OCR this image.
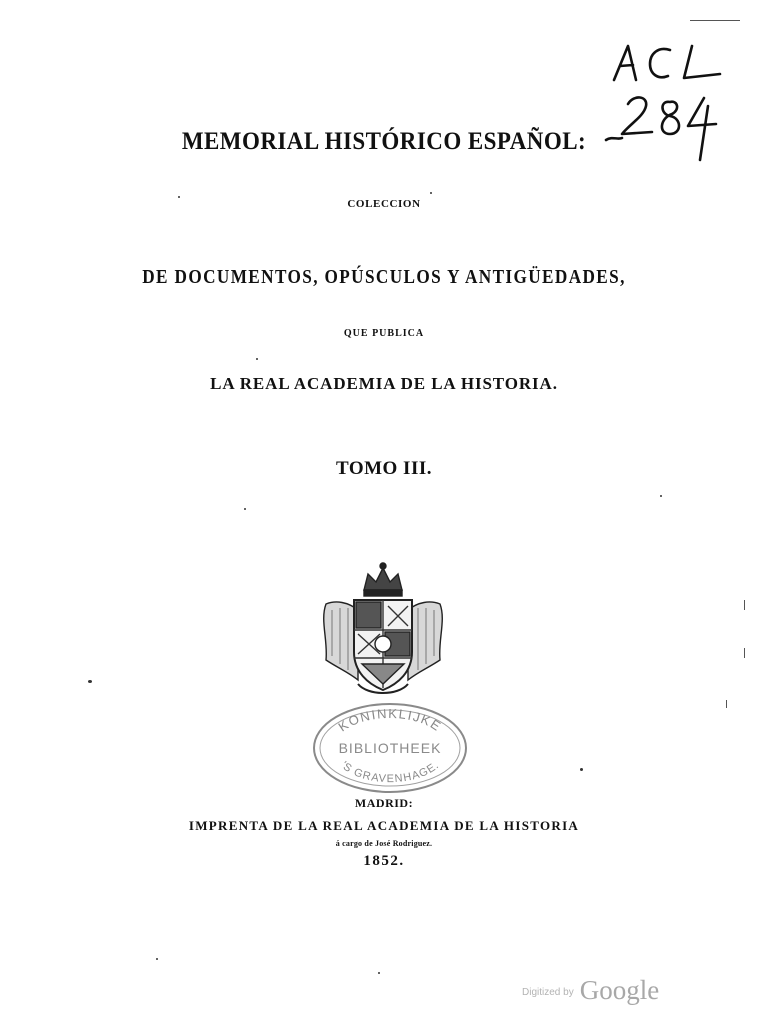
MEMORIAL HISTÓRICO ESPAÑOL:
COLECCION
DE DOCUMENTOS, OPÚSCULOS Y ANTIGÜEDADES,
QUE PUBLICA
LA REAL ACADEMIA DE LA HISTORIA.
TOMO III.
KONINKLIJKE
BIBLIOTHEEK
'S GRAVENHAGE.
MADRID:
IMPRENTA DE LA REAL ACADEMIA DE LA HISTORIA
á cargo de José Rodriguez.
1852.
$^{Digitized by}$ Google
